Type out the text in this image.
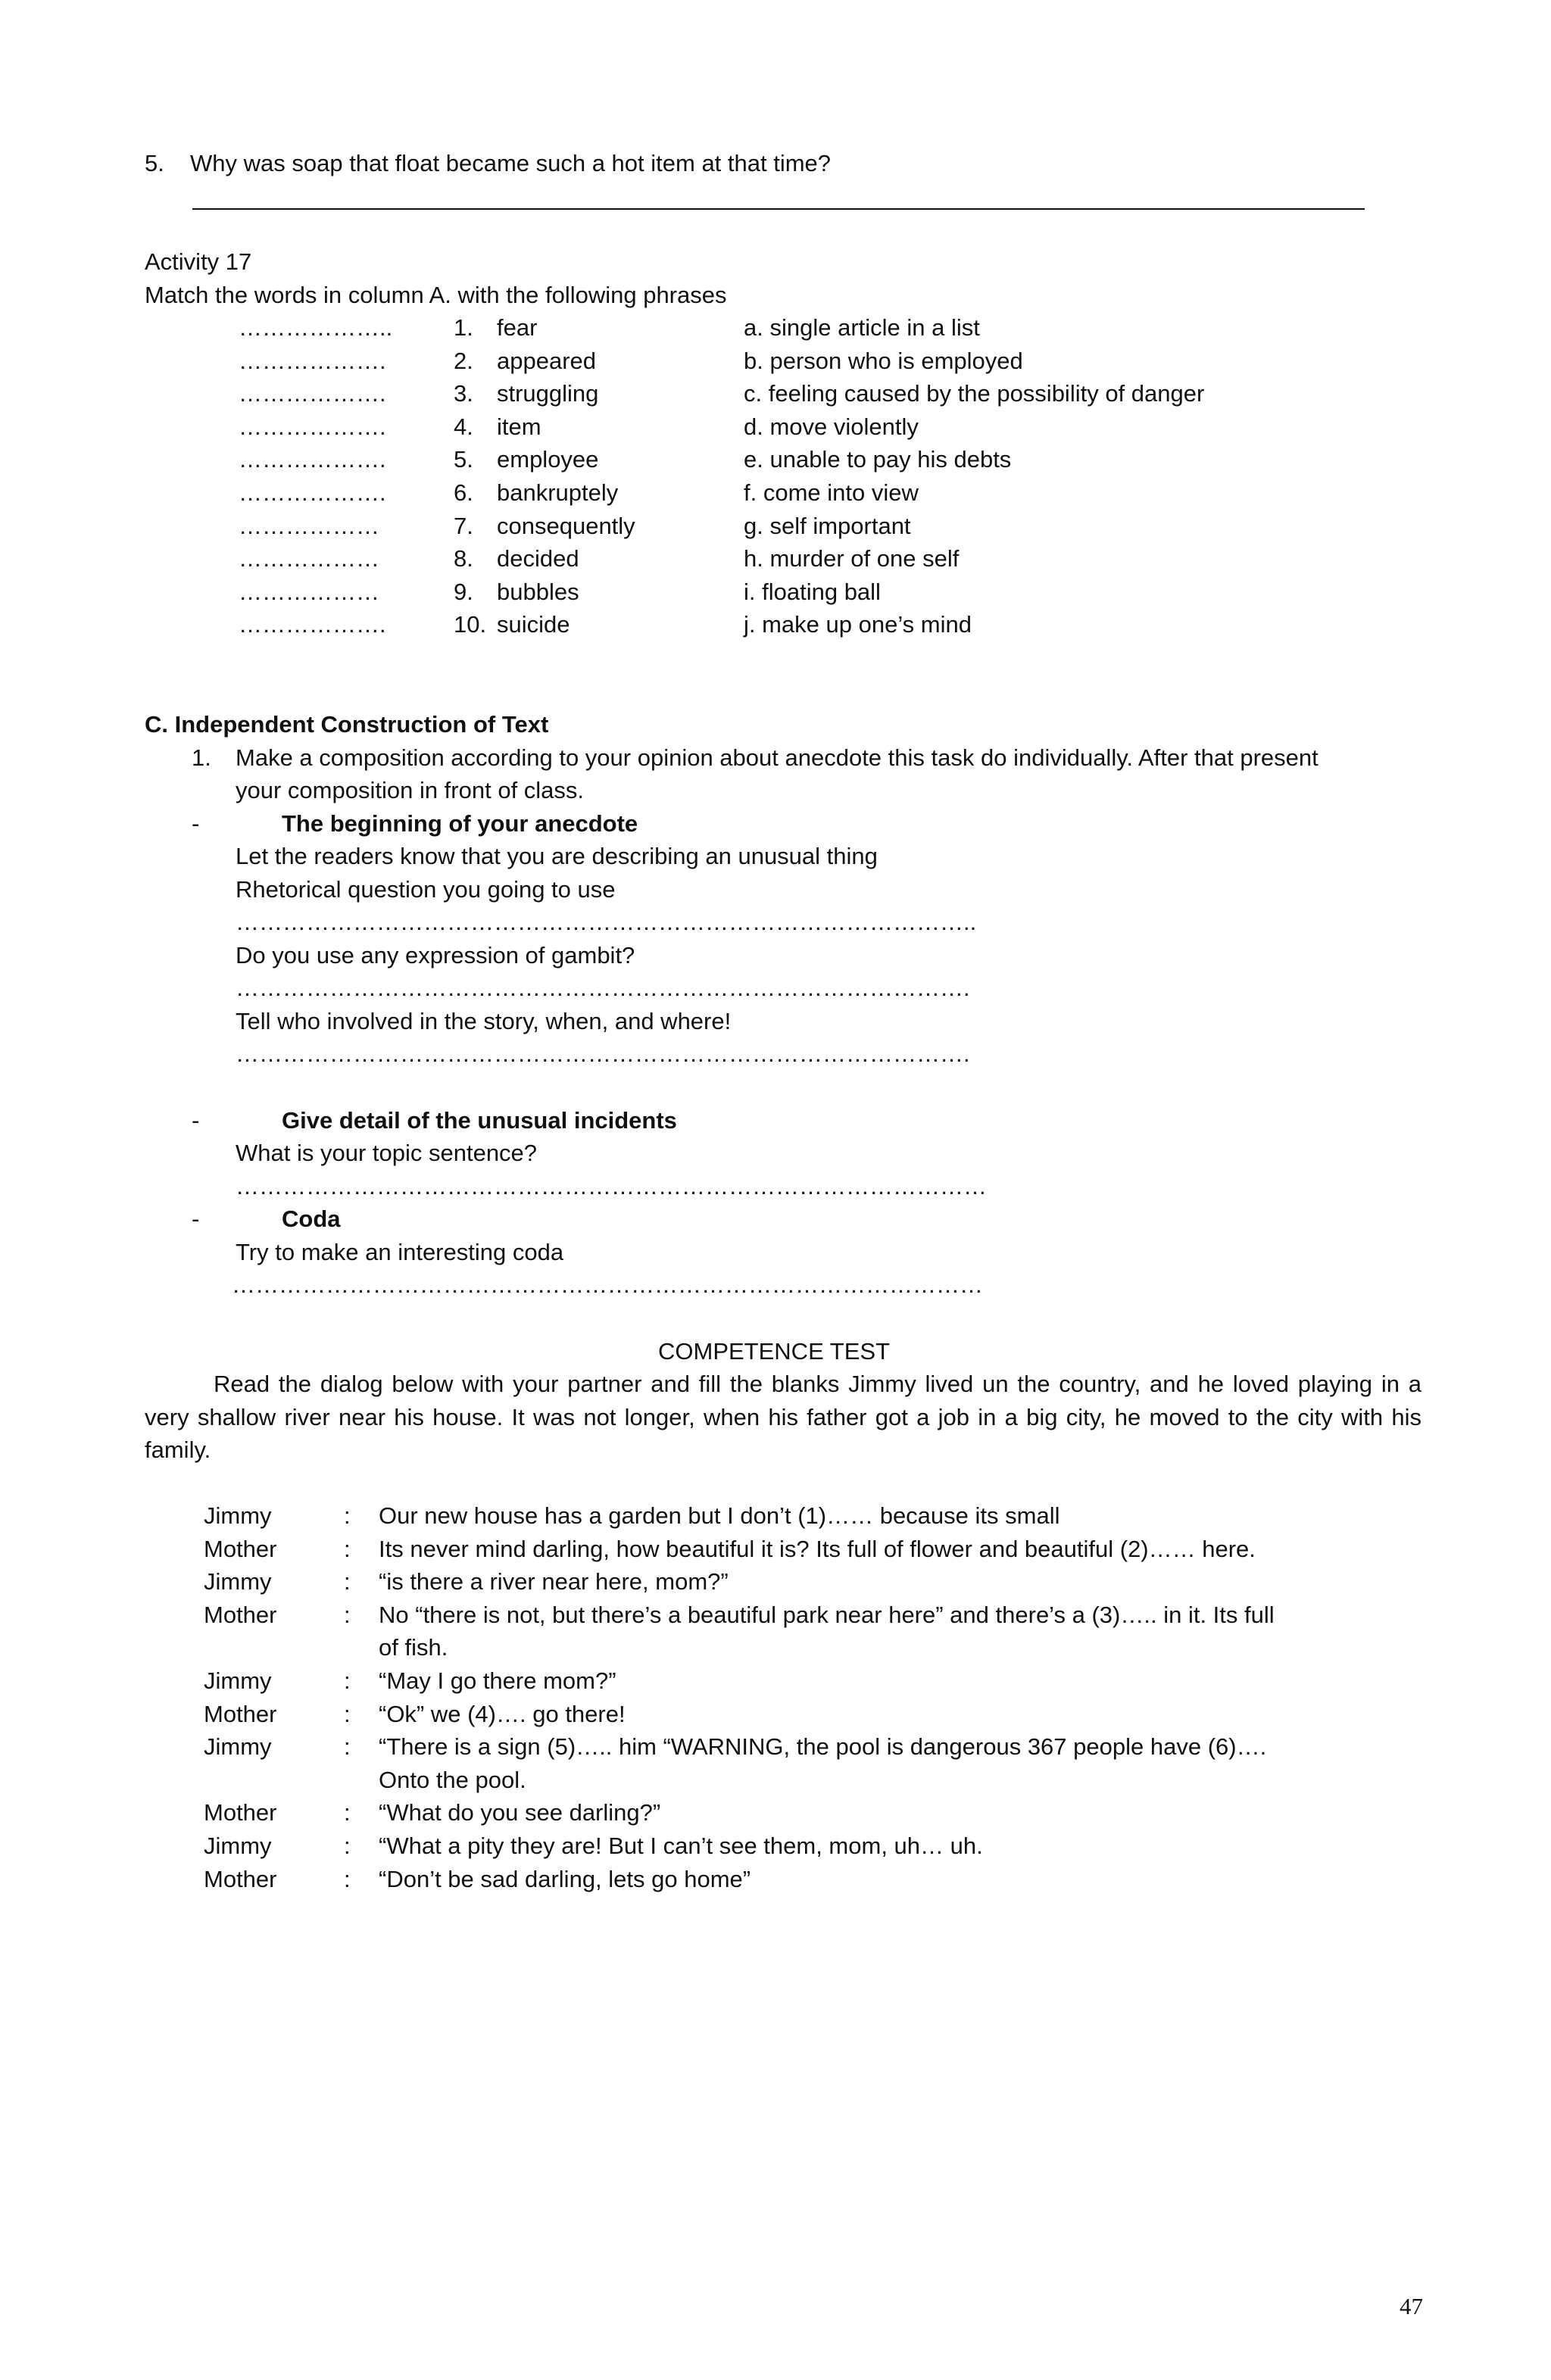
5. Why was soap that float became such a hot item at that time?
Activity 17
Match the words in column A. with the following phrases
………………..	1. fear	a. single article in a list
……………….	2. appeared	b. person who is employed
……………….	3. struggling	c. feeling caused by the possibility of danger
……………….	4. item	d. move violently
……………….	5. employee	e. unable to pay his debts
……………….	6. bankruptely	f. come into view
………………	7. consequently	g. self important
………………	8. decided	h. murder of one self
………………	9. bubbles	i. floating ball
……………….	10. suicide	j. make up one’s mind
C. Independent Construction of Text
1. Make a composition according to your opinion about anecdote this task do individually. After that present
your composition in front of class.
-	The beginning of your anecdote
Let the readers know that you are describing an unusual thing
Rhetorical question you going to use
…………………………………………………………………………………..
Do you use any expression of gambit?
………………………………………………………………………………….
Tell who involved in the story, when, and where!
………………………………………………………………………………….
-	Give detail of the unusual incidents
What is your topic sentence?
……………………………………………………………………………………
-	Coda
Try to make an interesting coda
……………………………………………………………………………………
COMPETENCE TEST
Read the dialog below with your partner and fill the blanks Jimmy lived un the country, and he loved playing in a very shallow river near his house. It was not longer, when his father got a job in a big city, he moved to the city with his family.
Jimmy	: Our new house has a garden but I don’t (1)…… because its small
Mother	: Its never mind darling, how beautiful it is? Its full of flower and beautiful (2)…… here.
Jimmy	: “is there a river near here, mom?”
Mother	: No “there is not, but there’s a beautiful park near here” and there’s a (3)….. in it. Its full
of fish.
Jimmy	: “May I go there mom?”
Mother	: “Ok” we (4)…. go there!
Jimmy	: “There is a sign (5)….. him “WARNING, the pool is dangerous 367 people have (6)….
Onto the pool.
Mother	: “What do you see darling?”
Jimmy	: “What a pity they are! But I can’t see them, mom, uh… uh.
Mother	: “Don’t be sad darling, lets go home”
47
